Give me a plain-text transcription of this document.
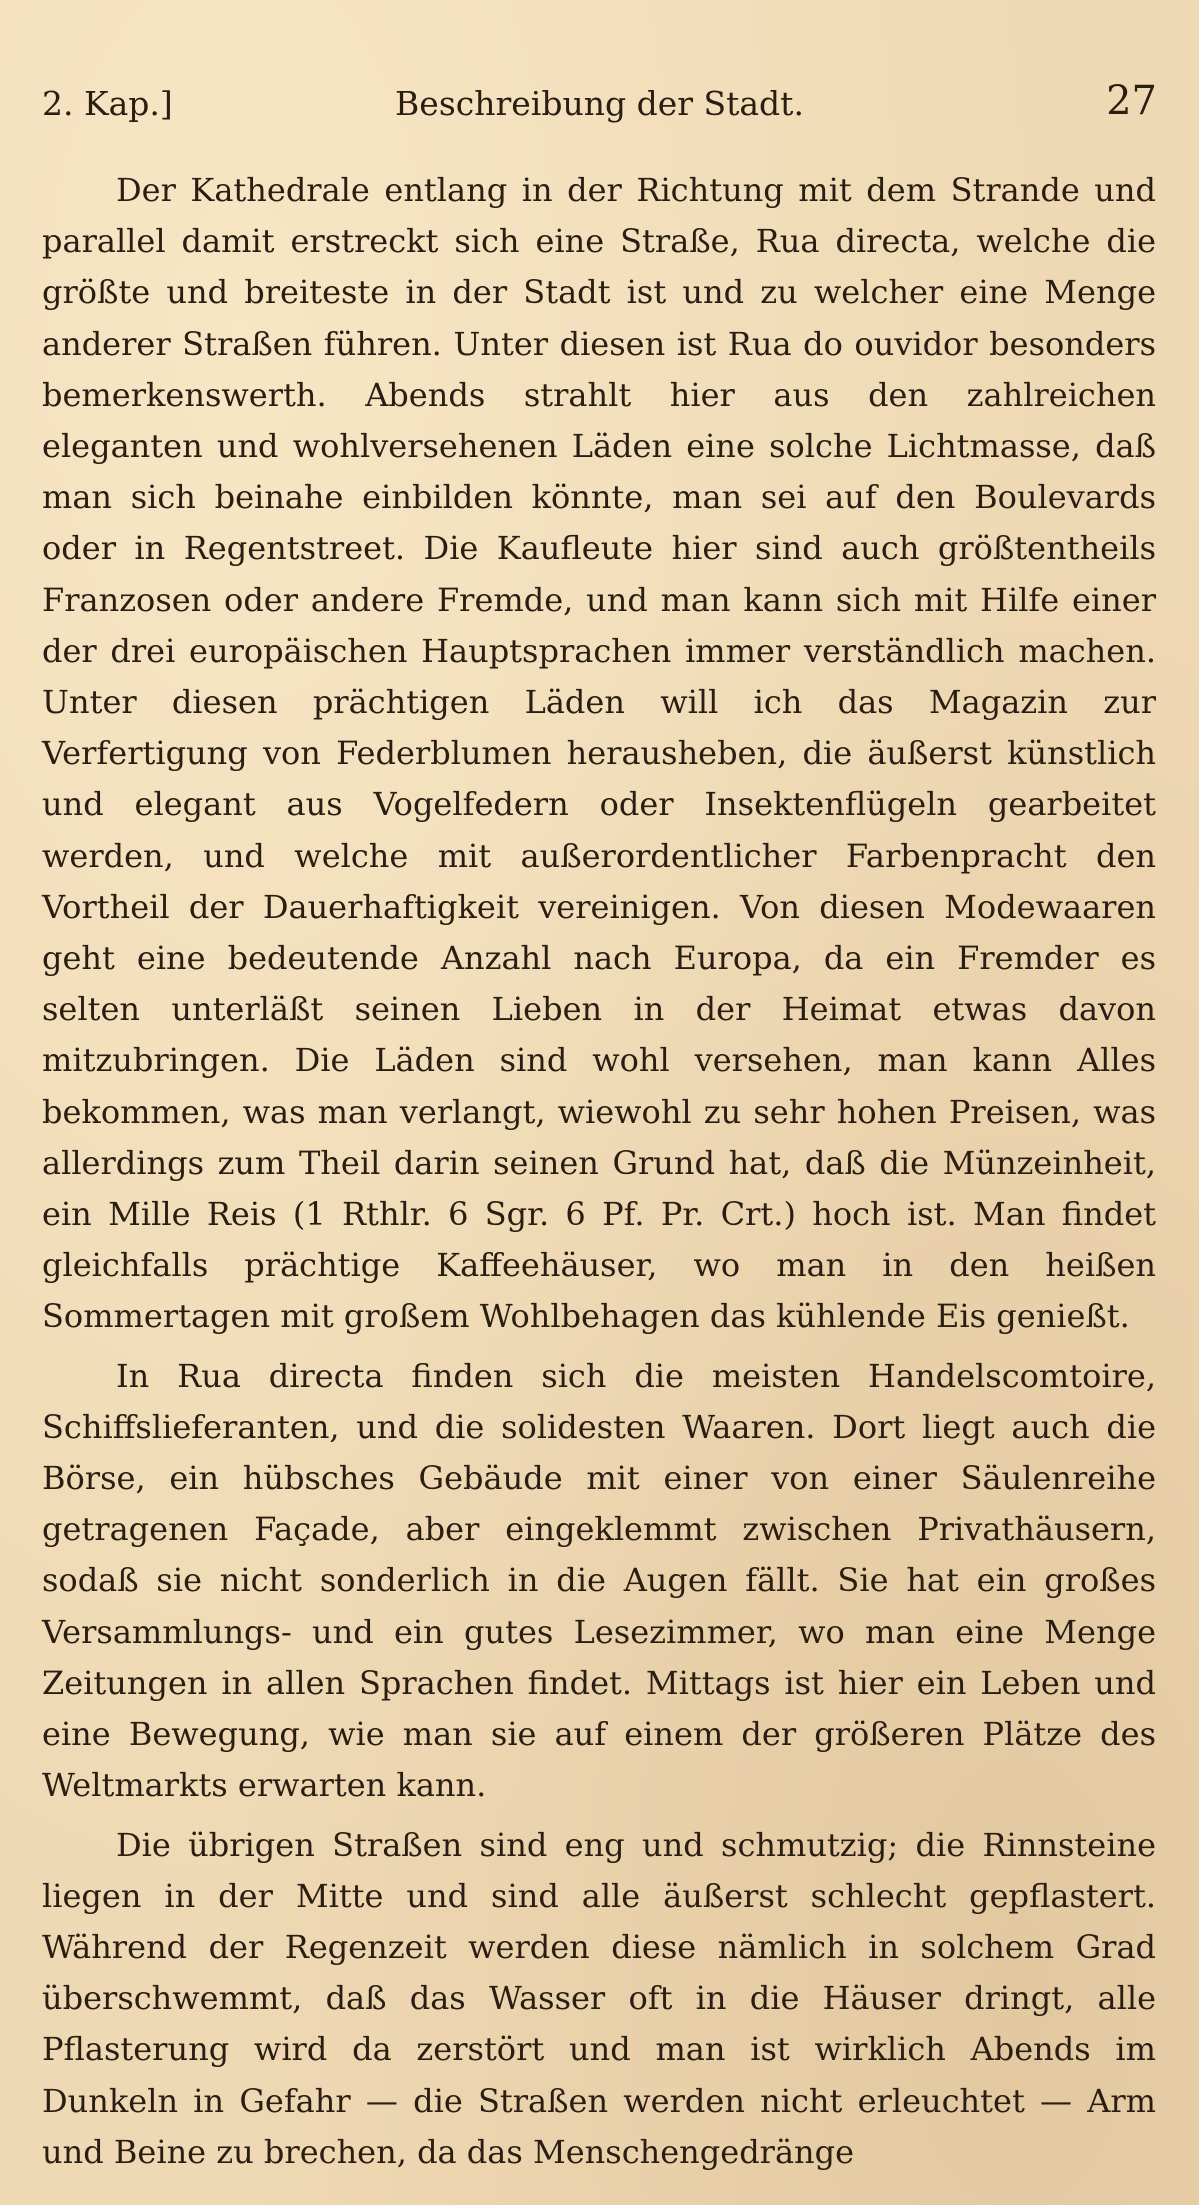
2. Kap.]	Beschreibung der Stadt.	27

Der Kathedrale entlang in der Richtung mit dem Strande und parallel damit erstreckt sich eine Straße, Rua directa, welche die größte und breiteste in der Stadt ist und zu welcher eine Menge anderer Straßen führen. Unter diesen ist Rua do ouvidor besonders bemerkenswerth. Abends strahlt hier aus den zahlreichen eleganten und wohlversehenen Läden eine solche Lichtmasse, daß man sich beinahe einbilden könnte, man sei auf den Boulevards oder in Regentstreet. Die Kaufleute hier sind auch größtentheils Franzosen oder andere Fremde, und man kann sich mit Hilfe einer der drei europäischen Hauptsprachen immer verständlich machen. Unter diesen prächtigen Läden will ich das Magazin zur Verfertigung von Federblumen herausheben, die äußerst künstlich und elegant aus Vogelfedern oder Insektenflügeln gearbeitet werden, und welche mit außerordentlicher Farbenpracht den Vortheil der Dauerhaftigkeit vereinigen. Von diesen Modewaaren geht eine bedeutende Anzahl nach Europa, da ein Fremder es selten unterläßt seinen Lieben in der Heimat etwas davon mitzubringen. Die Läden sind wohl versehen, man kann Alles bekommen, was man verlangt, wiewohl zu sehr hohen Preisen, was allerdings zum Theil darin seinen Grund hat, daß die Münzeinheit, ein Mille Reis (1 Rthlr. 6 Sgr. 6 Pf. Pr. Crt.) hoch ist. Man findet gleichfalls prächtige Kaffeehäuser, wo man in den heißen Sommertagen mit großem Wohlbehagen das kühlende Eis genießt.

In Rua directa finden sich die meisten Handelscomtoire, Schiffslieferanten, und die solidesten Waaren. Dort liegt auch die Börse, ein hübsches Gebäude mit einer von einer Säulenreihe getragenen Façade, aber eingeklemmt zwischen Privathäusern, sodaß sie nicht sonderlich in die Augen fällt. Sie hat ein großes Versammlungs- und ein gutes Lesezimmer, wo man eine Menge Zeitungen in allen Sprachen findet. Mittags ist hier ein Leben und eine Bewegung, wie man sie auf einem der größeren Plätze des Weltmarkts erwarten kann.

Die übrigen Straßen sind eng und schmutzig; die Rinnsteine liegen in der Mitte und sind alle äußerst schlecht gepflastert. Während der Regenzeit werden diese nämlich in solchem Grad überschwemmt, daß das Wasser oft in die Häuser dringt, alle Pflasterung wird da zerstört und man ist wirklich Abends im Dunkeln in Gefahr — die Straßen werden nicht erleuchtet — Arm und Beine zu brechen, da das Menschengedränge
